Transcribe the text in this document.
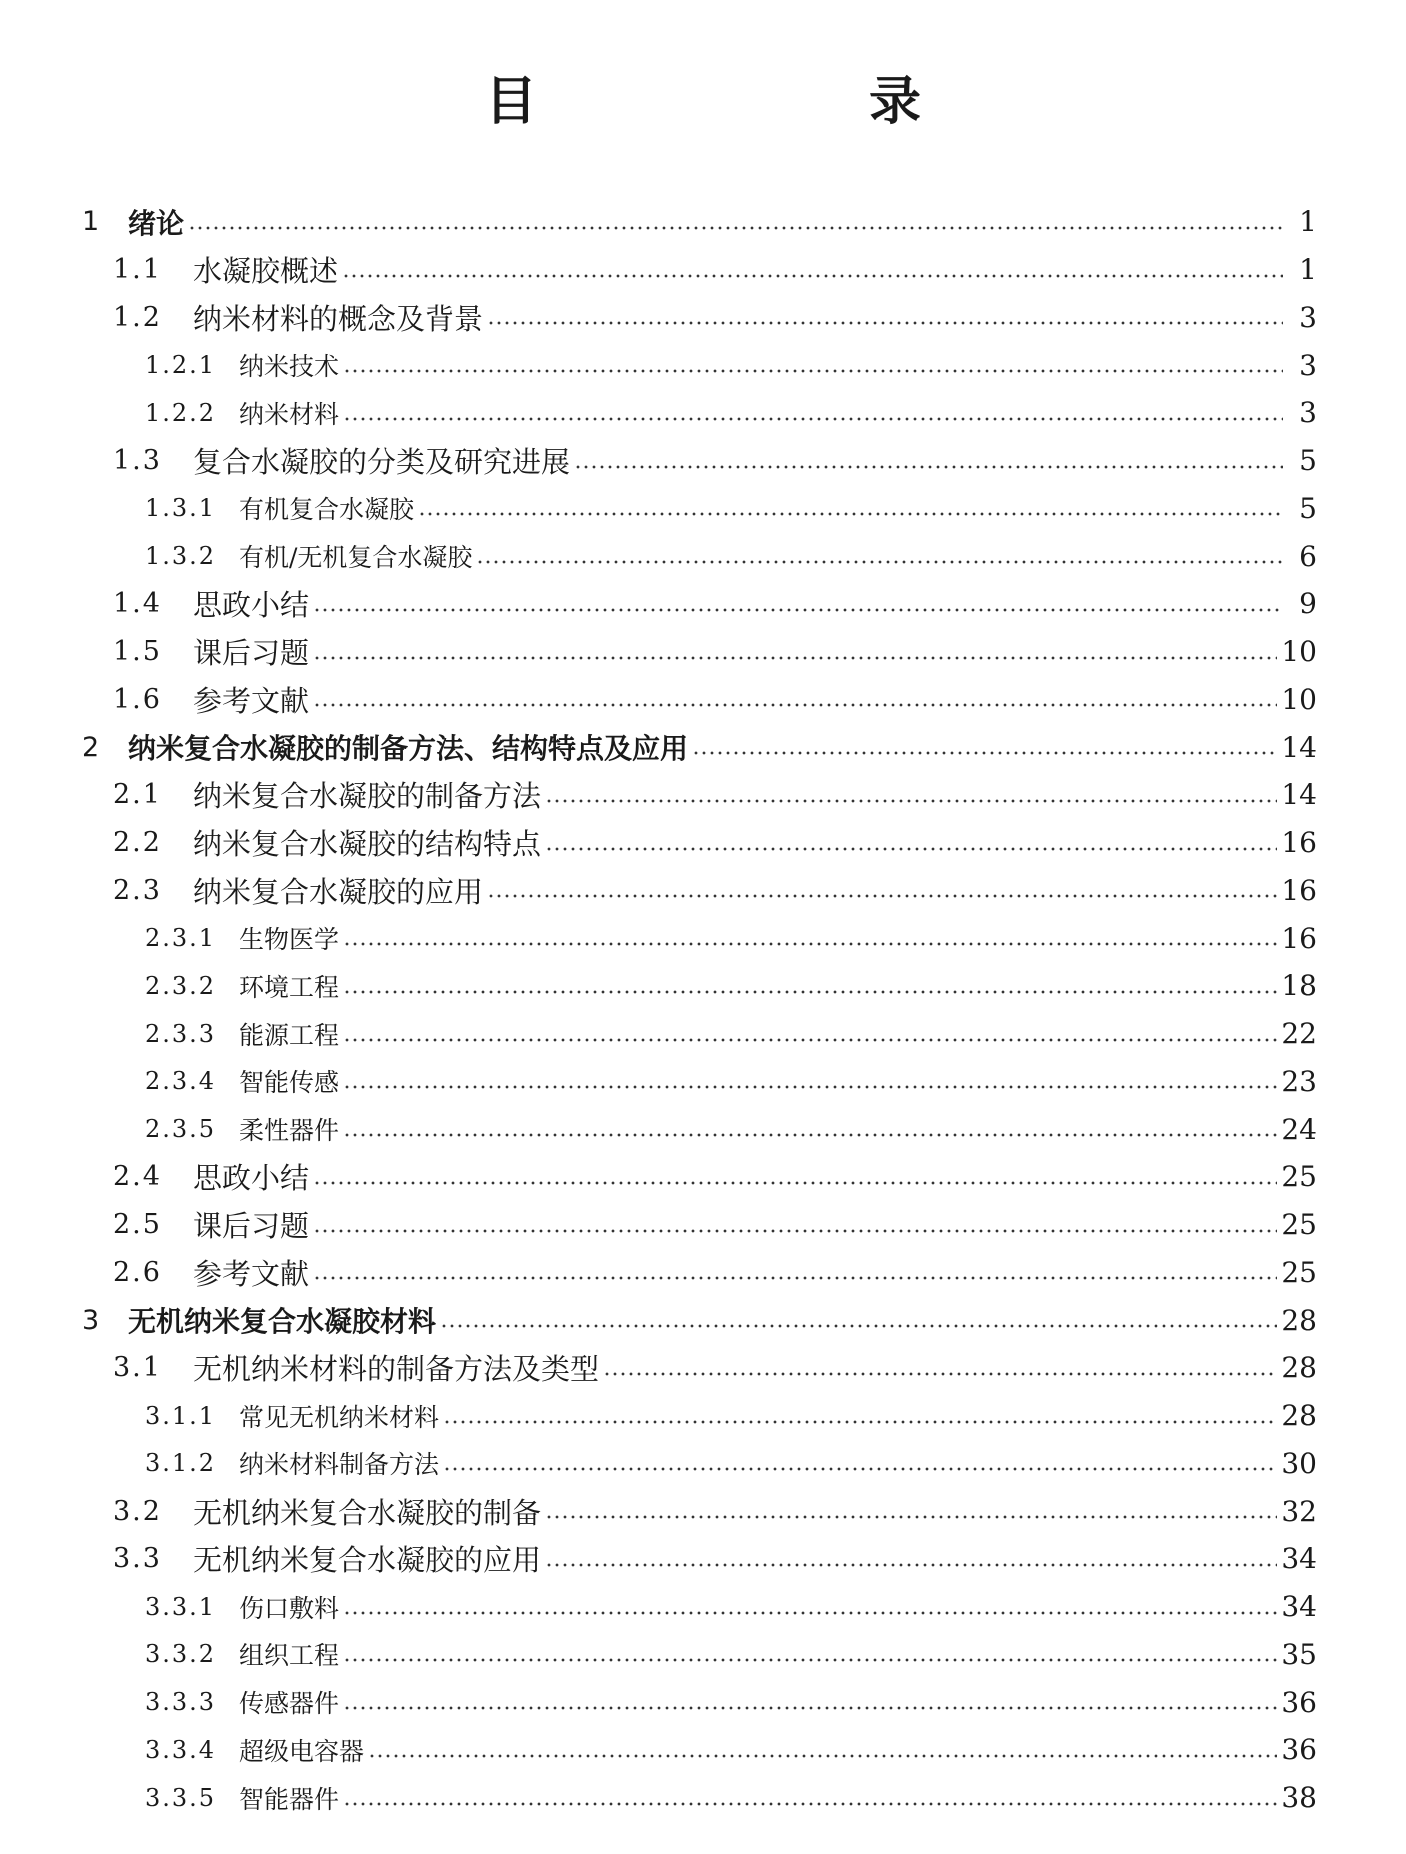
目　录
1	绪论	1
1.1	水凝胶概述	1
1.2	纳米材料的概念及背景	3
1.2.1 纳米技术	3
1.2.2 纳米材料	3
1.3	复合水凝胶的分类及研究进展	5
1.3.1 有机复合水凝胶	5
1.3.2 有机/无机复合水凝胶	6
1.4	思政小结	9
1.5	课后习题	10
1.6	参考文献	10
2	纳米复合水凝胶的制备方法、结构特点及应用	14
2.1	纳米复合水凝胶的制备方法	14
2.2	纳米复合水凝胶的结构特点	16
2.3	纳米复合水凝胶的应用	16
2.3.1 生物医学	16
2.3.2 环境工程	18
2.3.3 能源工程	22
2.3.4 智能传感	23
2.3.5 柔性器件	24
2.4	思政小结	25
2.5	课后习题	25
2.6	参考文献	25
3	无机纳米复合水凝胶材料	28
3.1	无机纳米材料的制备方法及类型	28
3.1.1 常见无机纳米材料	28
3.1.2 纳米材料制备方法	30
3.2	无机纳米复合水凝胶的制备	32
3.3	无机纳米复合水凝胶的应用	34
3.3.1 伤口敷料	34
3.3.2 组织工程	35
3.3.3 传感器件	36
3.3.4 超级电容器	36
3.3.5 智能器件	38
